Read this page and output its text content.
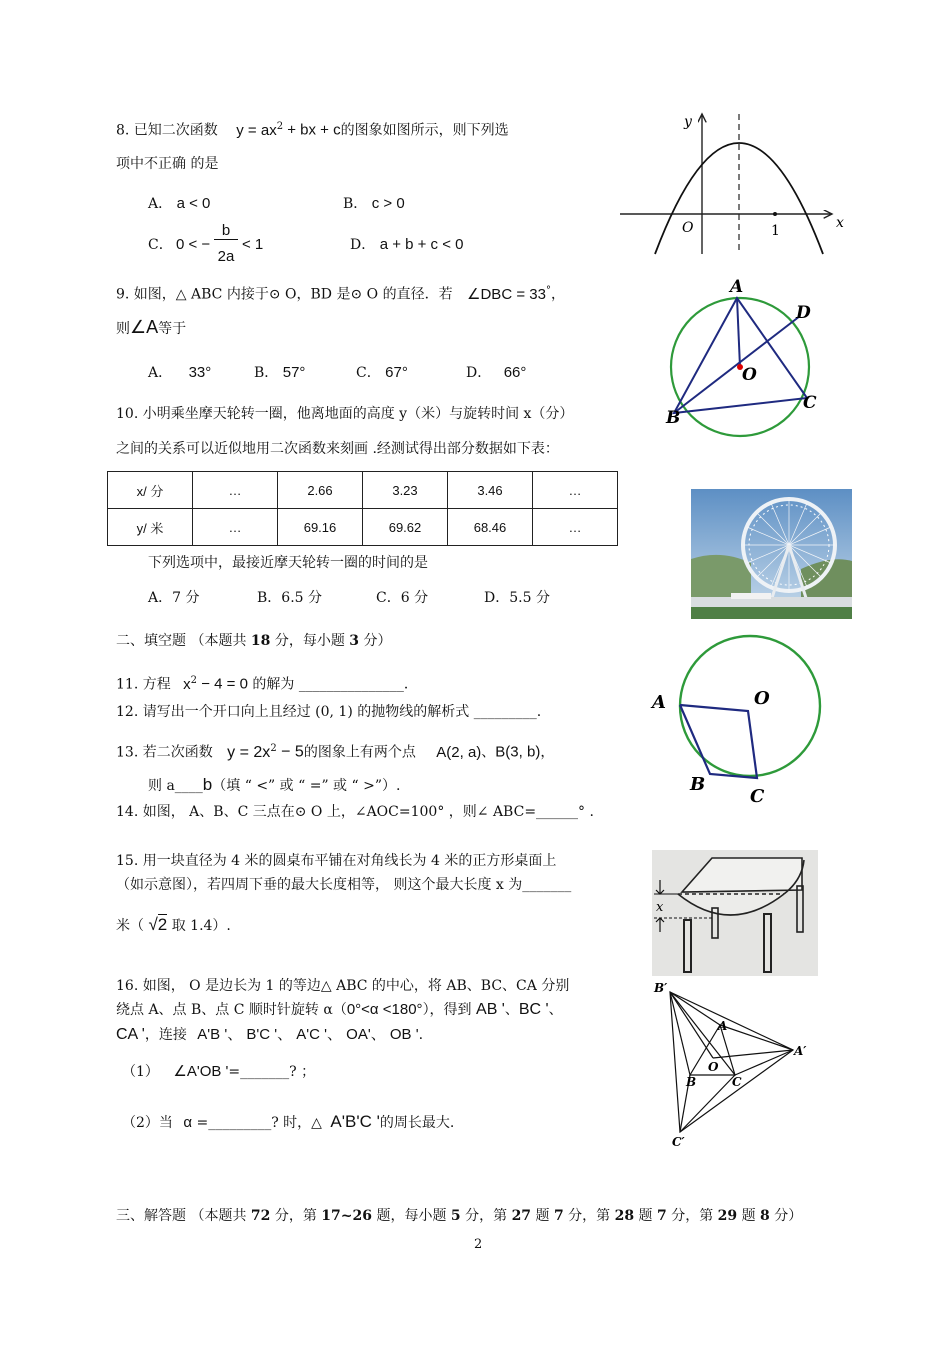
8. 已知二次函数 $y = ax^2$ + bx + c的图象如图所示，则下列选
项中不正确 的是
A． a < 0	B． c > 0
C． 0 < −
b
2a
< 1	D． a + b + c < 0
y
x
O	1
9. 如图，△ ABC 内接于⊙ O，BD 是⊙ O 的直径．若 ∠DBC = 33°，
则∠A等于
A． 33°	B． 57°	C． 67°	D． 66°
A
D
O
C
B
10. 小明乘坐摩天轮转一圈，他离地面的高度 y（米）与旋转时间 x（分）
之间的关系可以近似地用二次函数来刻画 .经测试得出部分数据如下表：
x/ 分	…	2.66	3.23	3.46	…
y/ 米	…	69.16	69.62	68.46	…
下列选项中，最接近摩天轮转一圈的时间的是
A．7 分	B．6.5 分	C．6 分	D．5.5 分
二、填空题 （本题共 18 分，每小题 3 分）
11. 方程 $x^2 - 4 = 0$ 的解为 _______________．
12. 请写出一个开口向上且经过 (0, 1) 的抛物线的解析式 _________.
13. 若二次函数 $y = 2x^2 - 5$的图象上有两个点 A(2, a)、B(3, b)，
则 a____b（填 “ <” 或 “ =” 或 “ >”）.
A	O
B
C
14. 如图， A、B、C 三点在⊙ O 上，∠AOC=100° ，则∠ ABC=______° .
15. 用一块直径为 4 米的圆桌布平铺在对角线长为 4 米的正方形桌面上
（如示意图），若四周下垂的最大长度相等， 则这个最大长度 x 为_______
米（ √2 取 1.4）.
x
16. 如图， O 是边长为 1 的等边△ ABC 的中心，将 AB、BC、CA 分别
绕点 A、点 B、点 C 顺时针旋转 α（0°<α <180°），得到 AB '、BC '、
CA '，连接 A'B '、 B'C '、 A'C '、 OA'、 OB '.
（1） ∠A'OB '=_______? ；
（2）当 α =_________? 时，△ A'B'C '的周长最大.
B′
A
A′
O
B	C
C′
三、解答题 （本题共 72 分，第 17~26 题，每小题 5 分，第 27 题 7 分，第 28 题 7 分，第 29 题 8 分）
2
